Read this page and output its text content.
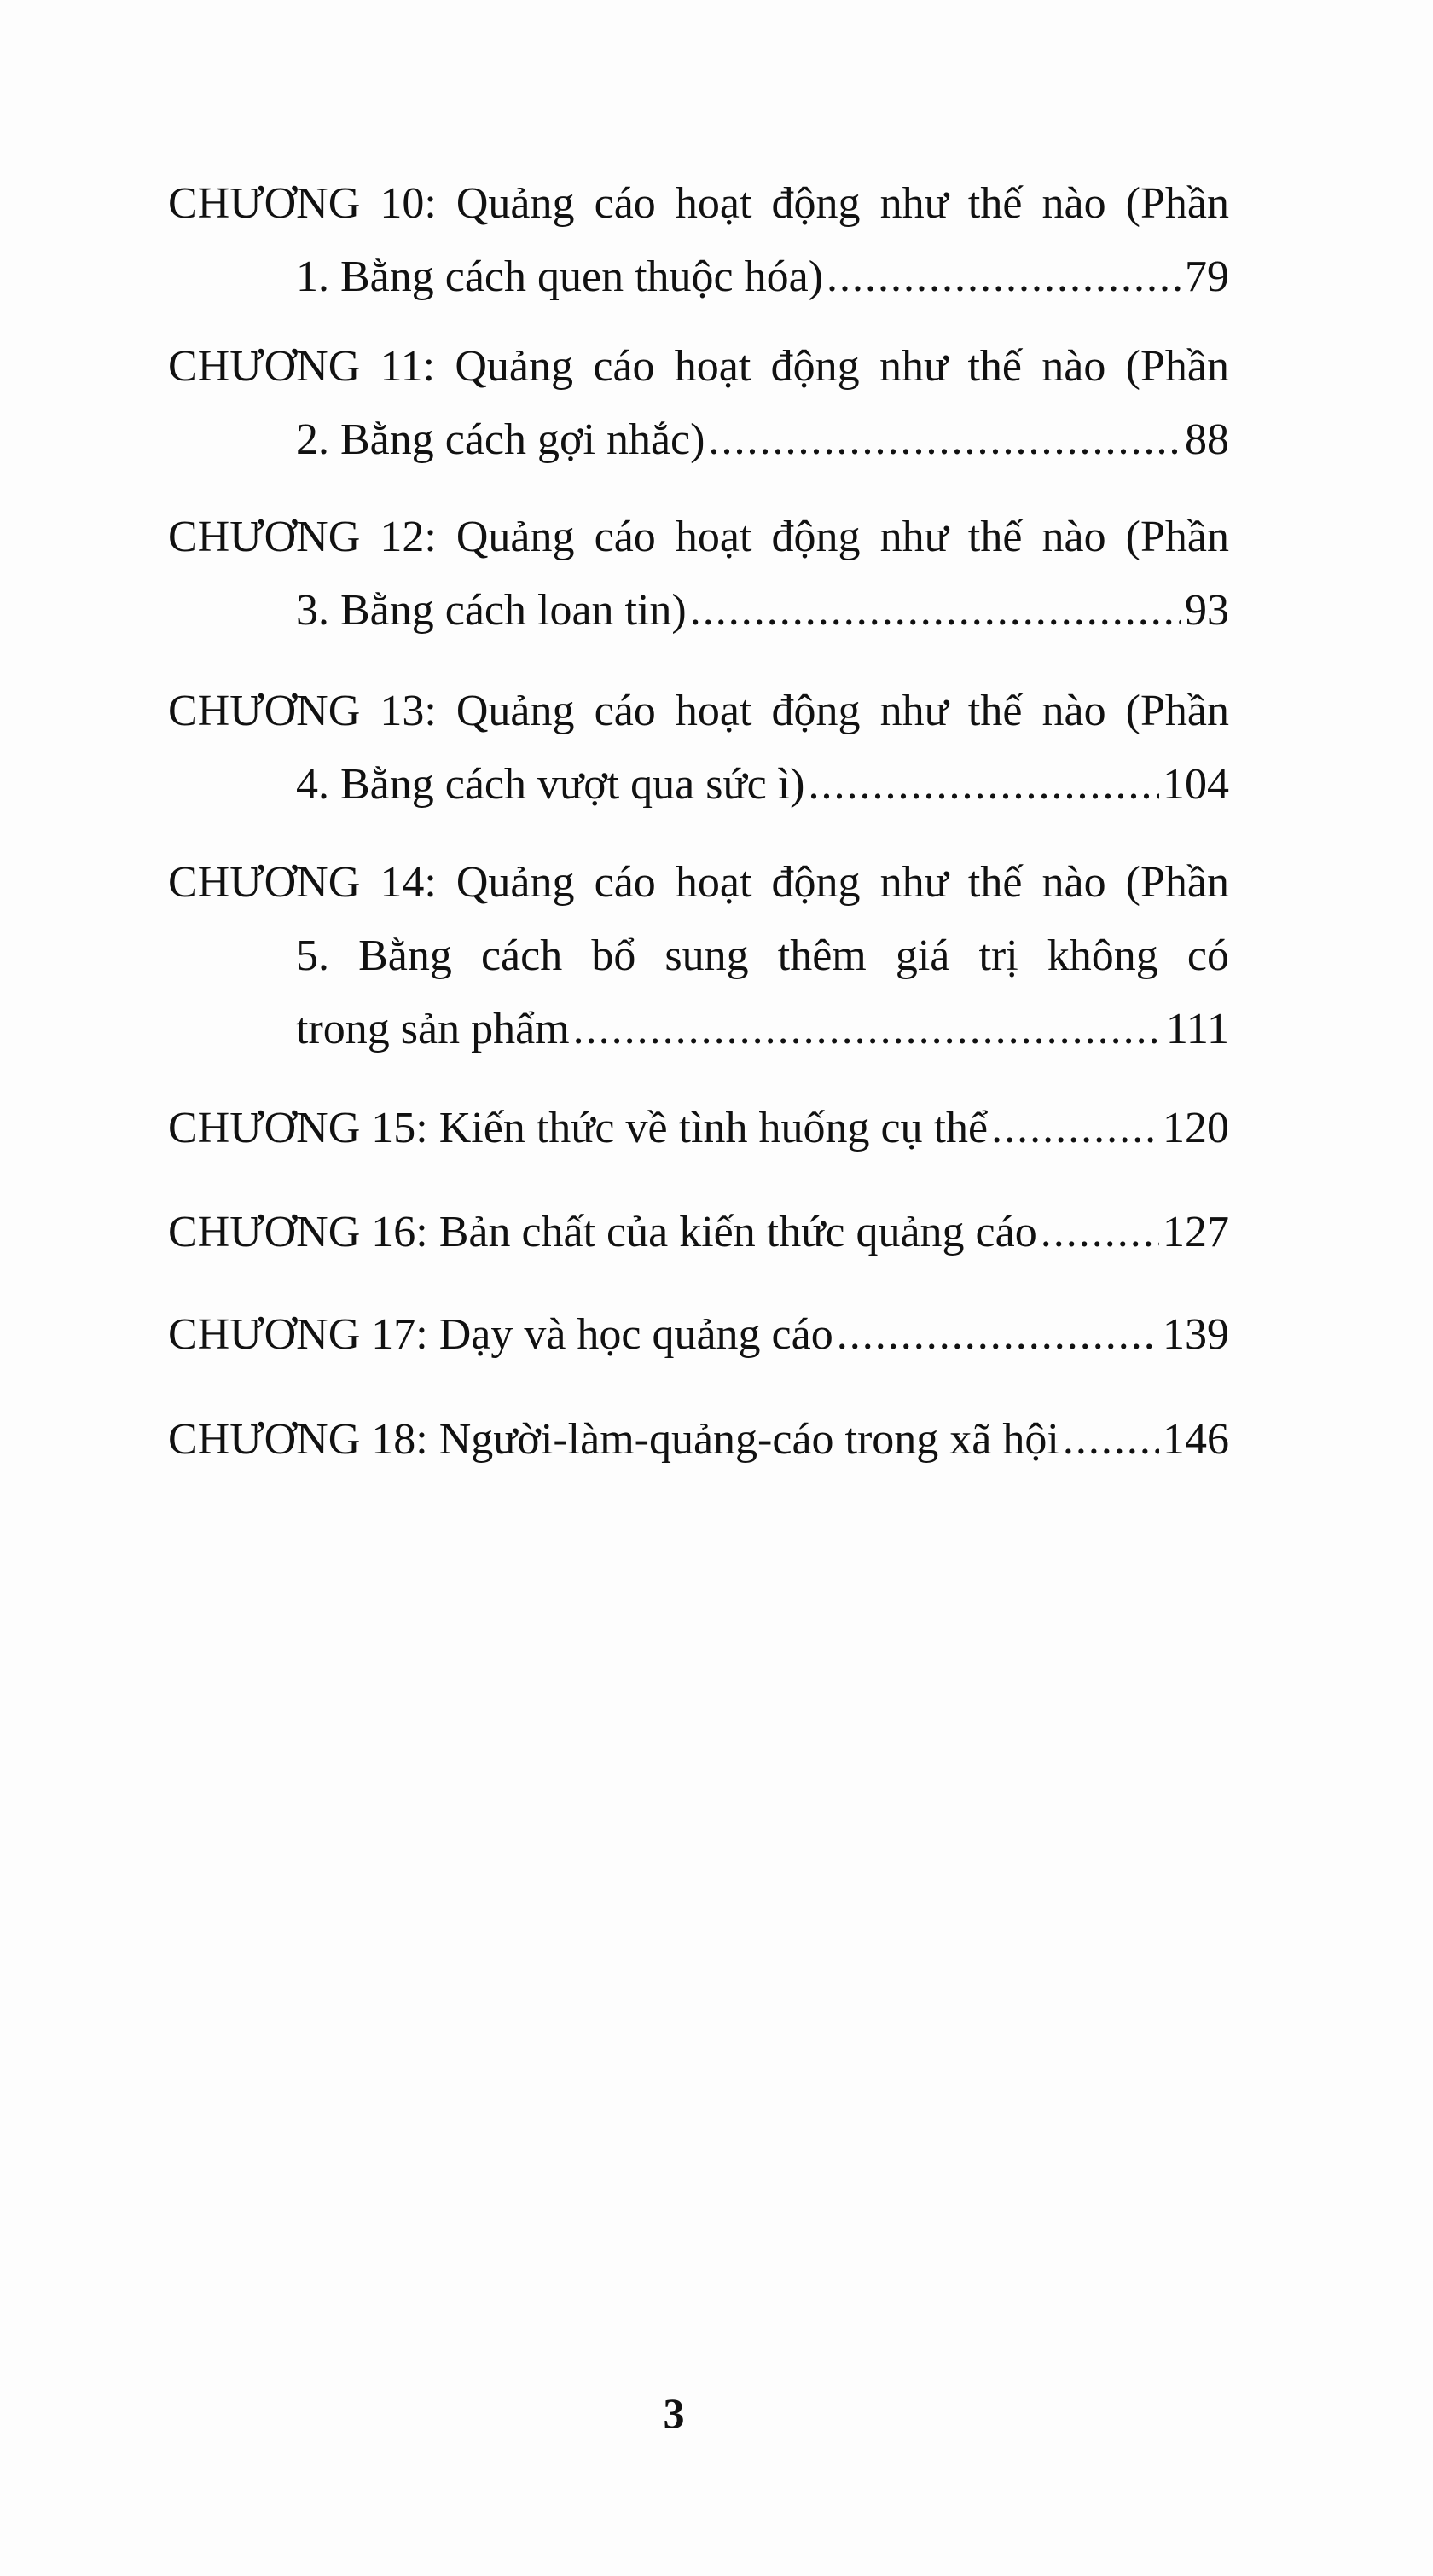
CHƯƠNG 10: Quảng cáo hoạt động như thế nào (Phần
1. Bằng cách quen thuộc hóa) .....	79
CHƯƠNG 11: Quảng cáo hoạt động như thế nào (Phần
2. Bằng cách gợi nhắc) .....	88
CHƯƠNG 12: Quảng cáo hoạt động như thế nào (Phần
3. Bằng cách loan tin) .....	93
CHƯƠNG 13: Quảng cáo hoạt động như thế nào (Phần
4. Bằng cách vượt qua sức ì) .....	104
CHƯƠNG 14: Quảng cáo hoạt động như thế nào (Phần
5. Bằng cách bổ sung thêm giá trị không có
trong sản phẩm .....	111
CHƯƠNG 15: Kiến thức về tình huống cụ thể .....	120
CHƯƠNG 16: Bản chất của kiến thức quảng cáo .....	127
CHƯƠNG 17: Dạy và học quảng cáo .....	139
CHƯƠNG 18: Người-làm-quảng-cáo trong xã hội ..... 146
3
